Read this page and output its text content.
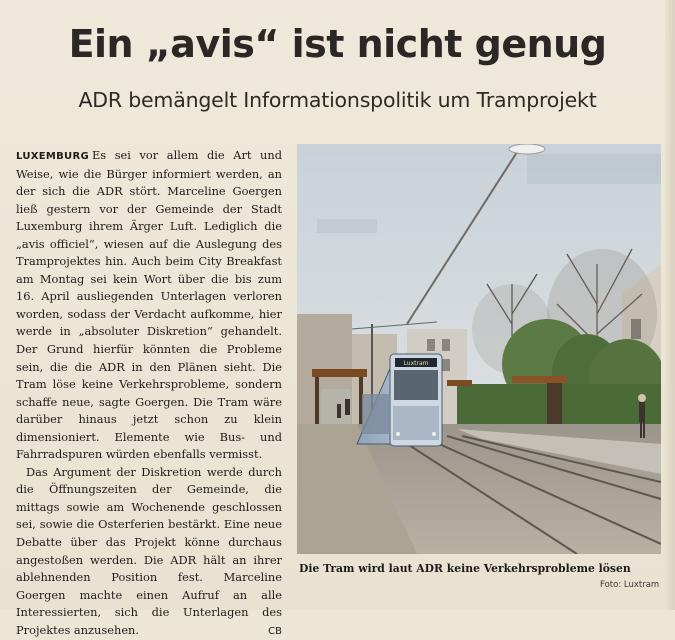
Ein „avis“ ist nicht genug
ADR bemängelt Informationspolitik um Tramprojekt

LUXEMBURG Es sei vor allem die Art und Weise, wie die Bürger informiert werden, an der sich die ADR stört. Marceline Goergen ließ gestern vor der Gemeinde der Stadt Luxemburg ihrem Ärger Luft. Lediglich die „avis officiel“, wiesen auf die Auslegung des Tramprojektes hin. Auch beim City Breakfast am Montag sei kein Wort über die bis zum 16. April ausliegenden Unterlagen verloren worden, sodass der Verdacht aufkomme, hier werde in „absoluter Diskretion“ gehandelt. Der Grund hierfür könnten die Probleme sein, die die ADR in den Plänen sieht. Die Tram löse keine Verkehrsprobleme, sondern schaffe neue, sagte Goergen. Die Tram wäre darüber hinaus jetzt schon zu klein dimensioniert. Elemente wie Bus- und Fahrradspuren würden ebenfalls vermisst.

Das Argument der Diskretion werde durch die Öffnungszeiten der Gemeinde, die mittags sowie am Wochenende geschlossen sei, sowie die Osterferien bestärkt. Eine neue Debatte über das Projekt könne durchaus angestoßen werden. Die ADR hält an ihrer ablehnenden Position fest. Marceline Goergen machte einen Aufruf an alle Interessierten, sich die Unterlagen des Projektes anzusehen.	CB

Luxtram
Die Tram wird laut ADR keine Verkehrsprobleme lösen
Foto: Luxtram
